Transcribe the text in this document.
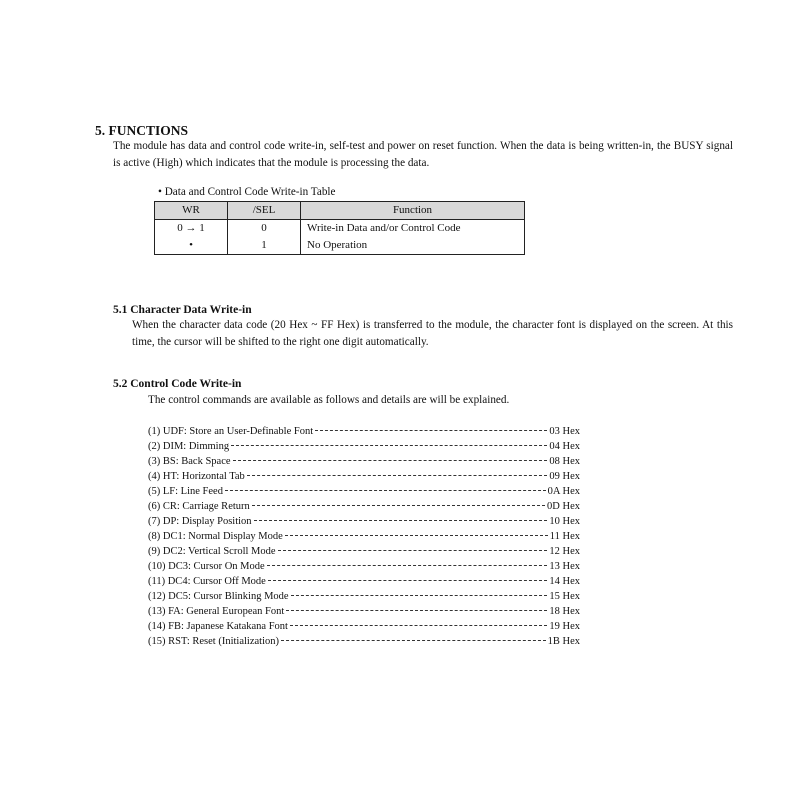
5. FUNCTIONS
The module has data and control code write-in, self-test and power on reset function. When the data is being written-in, the BUSY signal is active (High) which indicates that the module is processing the data.
• Data and Control Code Write-in Table
WR	/SEL	Function
0 → 1	0	Write-in Data and/or Control Code
•	1	No Operation
5.1 Character Data Write-in
When the character data code (20 Hex ~ FF Hex) is transferred to the module, the character font is displayed on the screen. At this time, the cursor will be shifted to the right one digit automatically.
5.2 Control Code Write-in
The control commands are available as follows and details are will be explained.
(1) UDF: Store an User-Definable Font	03 Hex
(2) DIM: Dimming	04 Hex
(3) BS: Back Space	08 Hex
(4) HT: Horizontal Tab	09 Hex
(5) LF: Line Feed	0A Hex
(6) CR: Carriage Return	0D Hex
(7) DP: Display Position	10 Hex
(8) DC1: Normal Display Mode	11 Hex
(9) DC2: Vertical Scroll Mode	12 Hex
(10) DC3: Cursor On Mode	13 Hex
(11) DC4: Cursor Off Mode	14 Hex
(12) DC5: Cursor Blinking Mode	15 Hex
(13) FA: General European Font	18 Hex
(14) FB: Japanese Katakana Font	19 Hex
(15) RST: Reset (Initialization)	1B Hex
